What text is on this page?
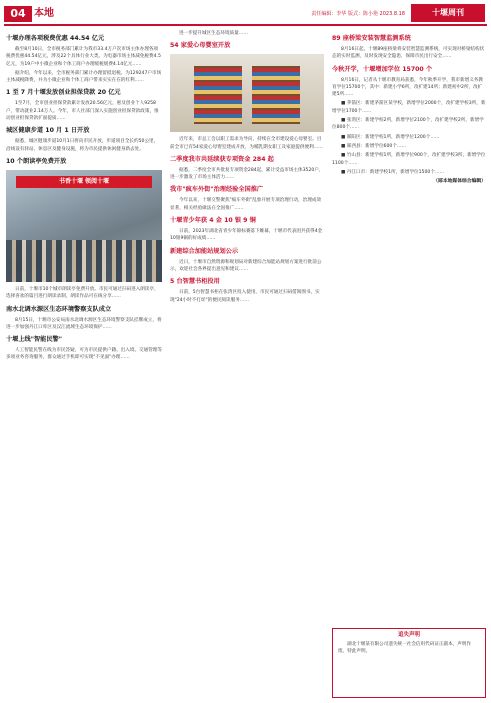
04 本地	责任编辑：李华 版式：陈小艳 2023.8.18	十堰周刊
十堰办理各项税费优惠 44.54 亿元

截至8月10日，全市税务部门累计为我市33.4万户次市场主体办理各项税费优惠44.54亿元，涉及22个具体行业大类。为电器市场主体减免税费4.5亿元，为19户中小微企业和个体工商户办理缓税缓费4.14亿元……

据介绍，今年以来，全市税务部门累计办理留抵退税。为129247户市场主体减税降费，并为小微企业和个体工商户带来实实在在的红利……

1 至 7 月十堰发放创业担保贷款 20 亿元

1至7月，全市创业担保贷款累计发放20.56亿元，惠及创业个人9258户，带动就业2.14万人。今年，市人社部门深入实施创业担保贷款政策，推动创业担保贷款扩面提质……

城区健康步道 10 月 1 日开放

据悉，城区健康步道10月1日将向市民开放，步道项目全长约50公里，沿线设有驿站、休息区及健身设施，将为市民提供休闲健身新去处。

10 个朗读亭免费开放
书香十堰 领阅十堰

日前，十堰市10个城市朗读亭免费开放。市民可通过扫码进入朗读亭，选择喜欢的篇目进行朗读录制，朗读作品可在线分享……

南水北调水源区生态环境警察支队成立

8月15日，十堰市公安局南水北调水源区生态环境警察支队挂牌成立，将进一步加强丹江口库区及汉江流域生态环境保护……

十堰上线"智能民警"

人工智能民警在线为市民答疑，可为市民提供户籍、出入境、交通管理等多项业务咨询服务，群众通过手机即可实现"不见面"办理……

进一步提升城区生态环境质量……

54 家爱心母婴室开放

近年来，市总工会以职工需求为导向，持续在全市建设爱心母婴室。目前全市已有54家爱心母婴室建成开放，为哺乳期女职工及家庭提供便利……

二季度我市共延续获专项资金 284 起

据悉，二季度全市共批复专项资金284起，累计受益市场主体3520户，进一步激发了市场主体活力……

我市"疯车外街"治理经验全国推广

今年以来，十堰交警聚焦"疯车外街"乱象开展专项治理行动，治理成效显著，相关经验做法在全国推广……

十堰青少年获 4 金 10 银 9 铜

日前，2023年湖北省青少年锦标赛落下帷幕，十堰市代表团共获得4金10银9铜的好成绩……

新建综合加能站规划公示

近日，十堰市自然资源和规划局对新建综合加能站规划方案进行批前公示，欢迎社会各界提出意见和建议……

5 台智慧书柜投用

日前，5台智慧书柜在张湾区投入使用，市民可通过扫码借阅图书，实现"24小时不打烊"的便民阅读服务……

89 座桥梁安装智慧监测系统

8月16日起，十堰89座桥梁将安装智慧监测系统，可实现对桥梁结构状态的实时监测，及时发现安全隐患，保障市民出行安全……

今秋开学，十堰增加学位 15700 个

8月16日，记者从十堰市教育局获悉，今年秋季开学，我市新增义务教育学位15700个，其中：新建小学6所，改扩建14所；新建初中2所，改扩建5所……

■ 茅箭区：新建茅箭区某学校，新增学位2000个，改扩建学校3所，新增学位1700个……

■ 张湾区：新建学校2所，新增学位2100个，改扩建学校2所，新增学位800个……

■ 郧阳区：新建学校1所，新增学位1200个……

■ 郧西县：新增学位600个……

■ 竹山县：新建学校1所，新增学位900个，改扩建学校3所，新增学位1100个……

■ 丹江口市：新建学校1所，新增学位1500个……

（郧本地媒体综合编辑）
追失声明

湖北十堰某有限公司遗失统一社会信用代码证正副本，声明作废。特此声明。
